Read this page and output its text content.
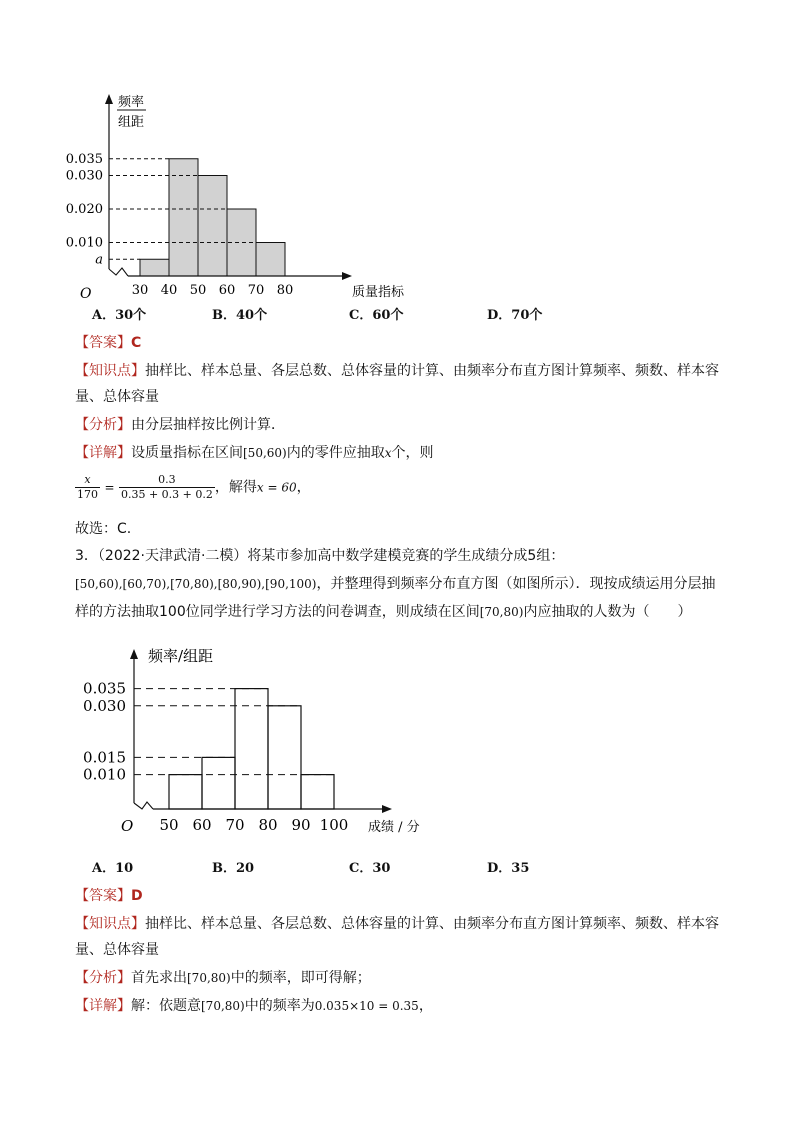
频率
组距
O	质量指标
0.035
0.030
0.020
0.010
a
30 40 50 60 70 80
A．30个	B．40个	C．60个	D．70个
【答案】C
【知识点】抽样比、样本总量、各层总数、总体容量的计算、由频率分布直方图计算频率、频数、样本容
量、总体容量
【分析】由分层抽样按比例计算．
【详解】设质量指标在区间[50,60)内的零件应抽取x个，则
$\frac{x}{170} = \frac{0.3}{0.35 + 0.3 + 0.2}$ ，解得x = 60，
故选：C.
3．（2022·天津武清·二模）将某市参加高中数学建模竞赛的学生成绩分成5组：
[50,60),[60,70),[70,80),[80,90),[90,100)，并整理得到频率分布直方图（如图所示）．现按成绩运用分层抽
样的方法抽取100位同学进行学习方法的问卷调查，则成绩在区间[70,80)内应抽取的人数为（　　）
频率/组距
O	成绩 / 分
0.035
0.030
0.015
0.010
50 60 70 80 90 100
A．10	B．20	C．30	D．35
【答案】D
【知识点】抽样比、样本总量、各层总数、总体容量的计算、由频率分布直方图计算频率、频数、样本容
量、总体容量
【分析】首先求出[70,80)中的频率，即可得解；
【详解】解：依题意[70,80)中的频率为0.035×10 = 0.35，
